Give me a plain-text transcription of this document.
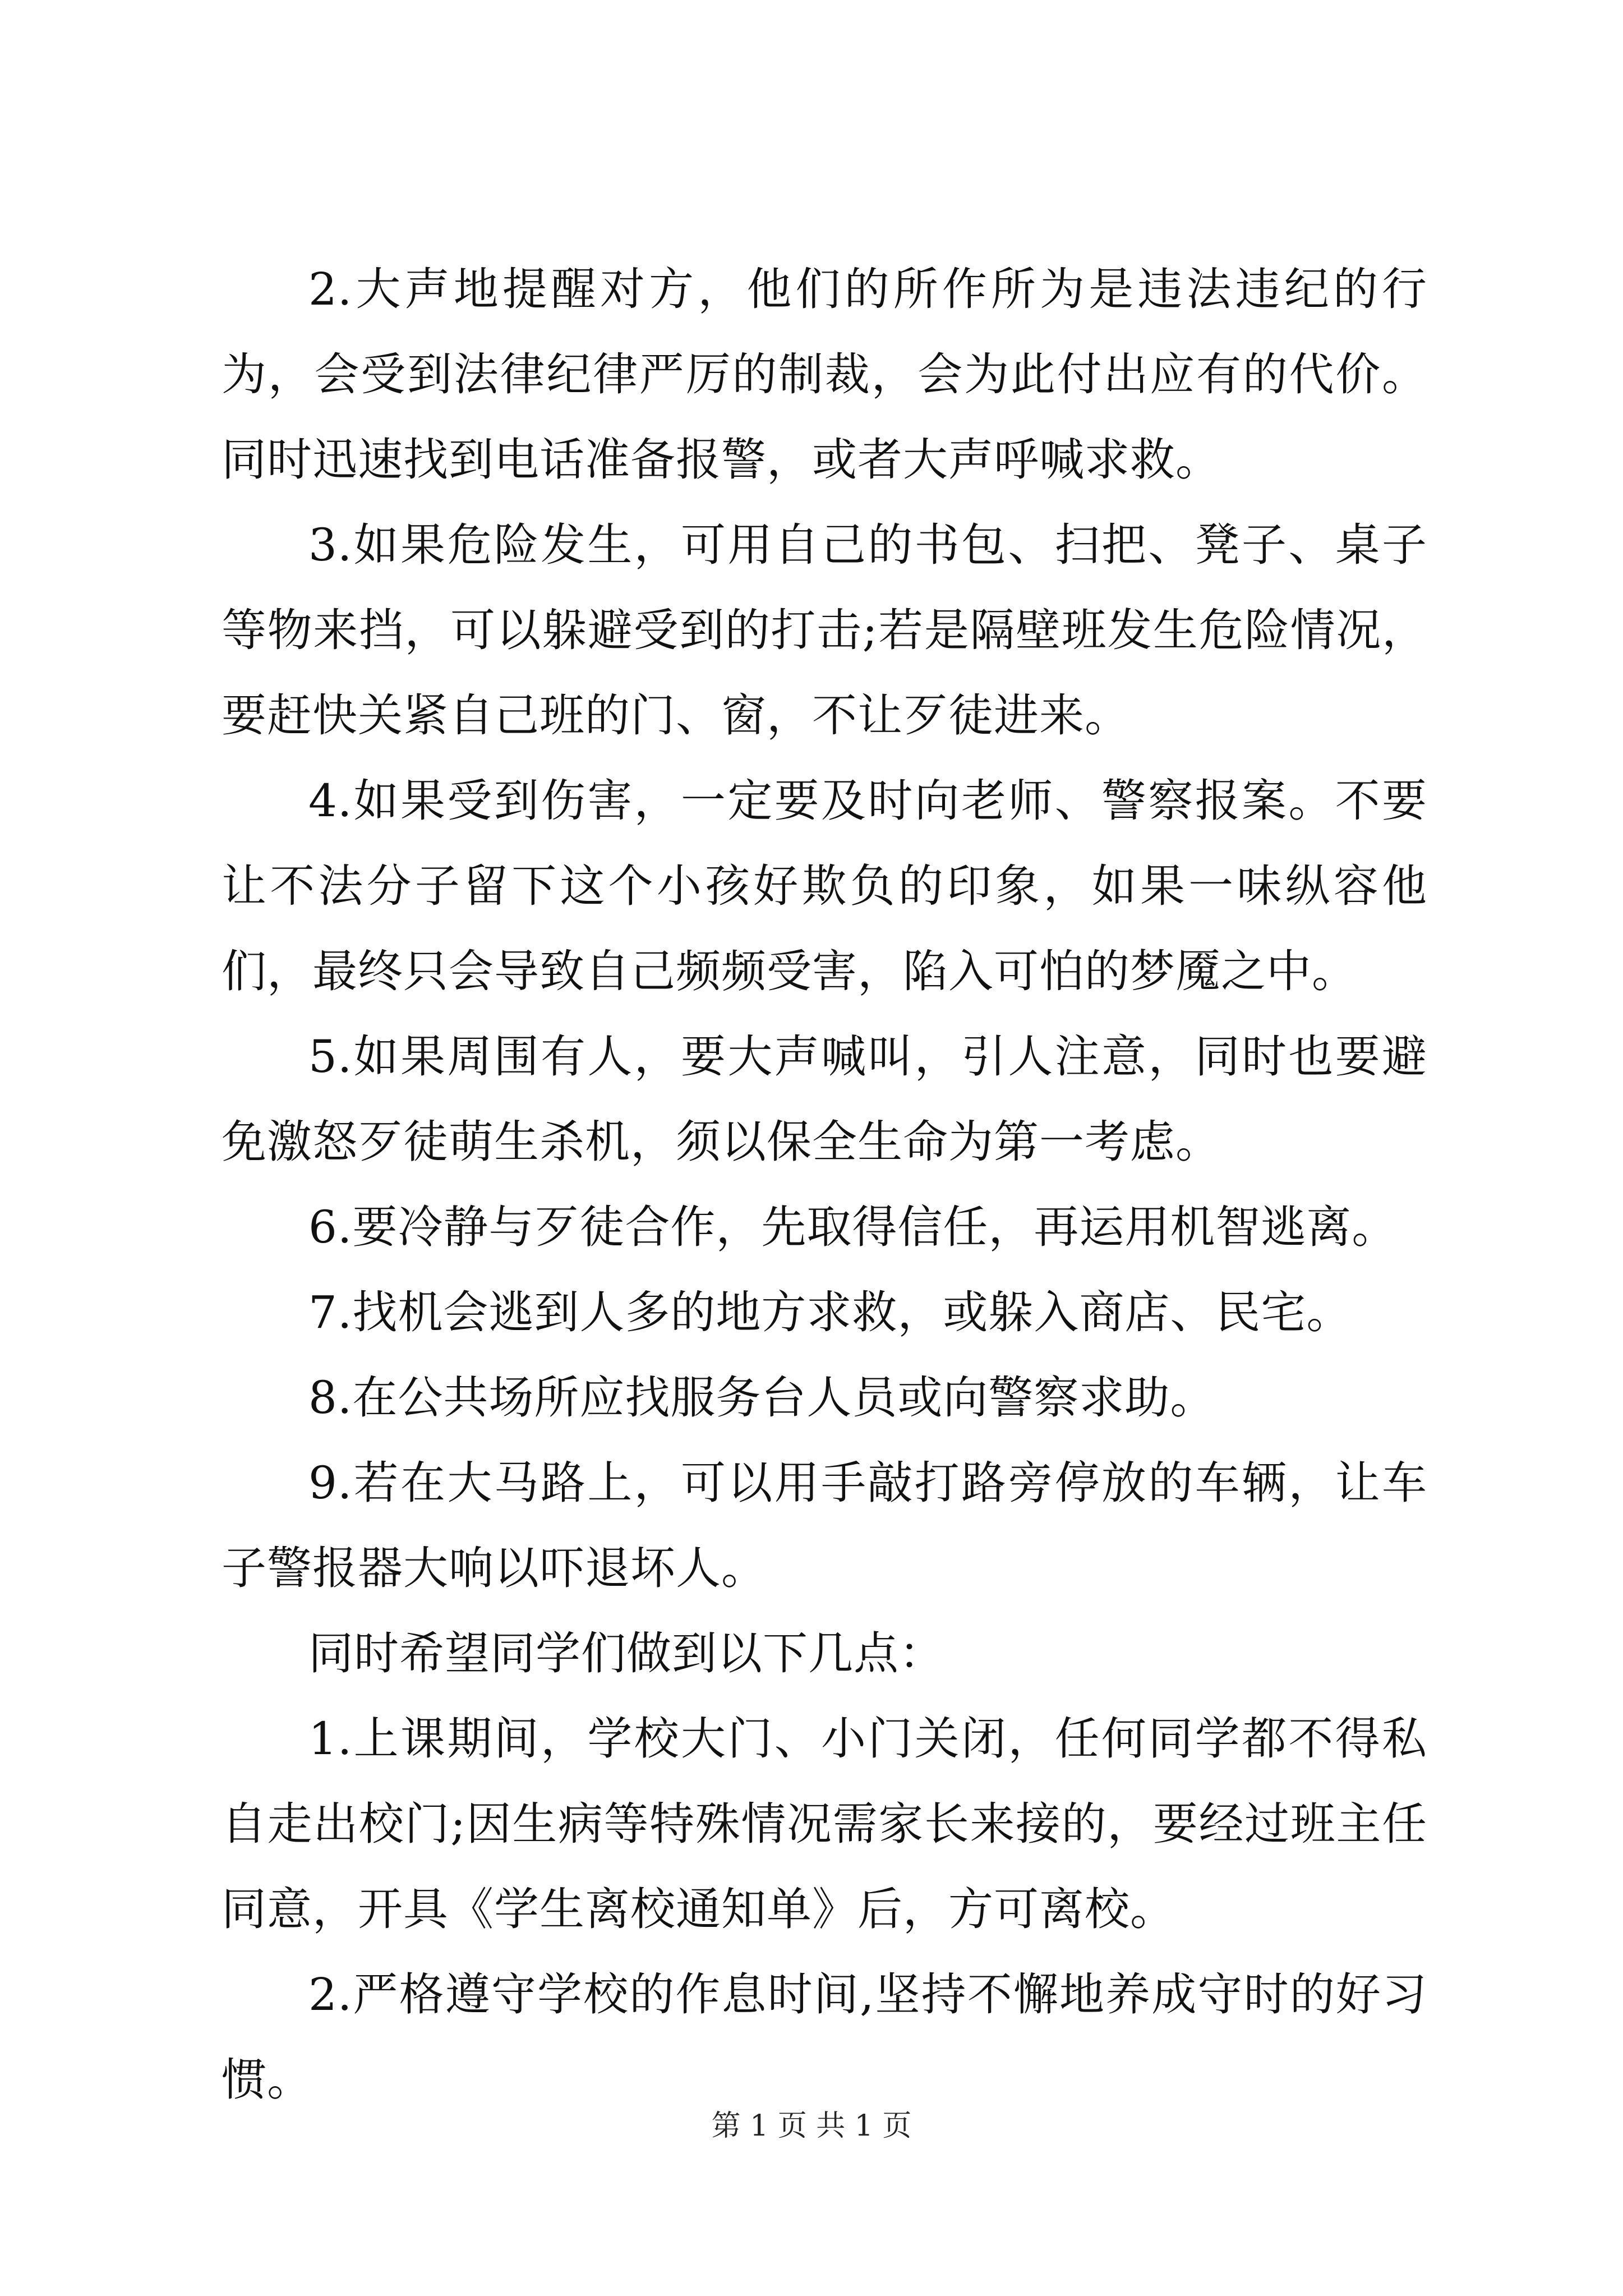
2.大声地提醒对方，他们的所作所为是违法违纪的行为，会受到法律纪律严厉的制裁，会为此付出应有的代价。同时迅速找到电话准备报警，或者大声呼喊求救。

3.如果危险发生，可用自己的书包、扫把、凳子、桌子等物来挡，可以躲避受到的打击;若是隔壁班发生危险情况，要赶快关紧自己班的门、窗，不让歹徒进来。

4.如果受到伤害，一定要及时向老师、警察报案。不要让不法分子留下这个小孩好欺负的印象，如果一味纵容他们，最终只会导致自己频频受害，陷入可怕的梦魇之中。

5.如果周围有人，要大声喊叫，引人注意，同时也要避免激怒歹徒萌生杀机，须以保全生命为第一考虑。

6.要冷静与歹徒合作，先取得信任，再运用机智逃离。

7.找机会逃到人多的地方求救，或躲入商店、民宅。

8.在公共场所应找服务台人员或向警察求助。

9.若在大马路上，可以用手敲打路旁停放的车辆，让车子警报器大响以吓退坏人。

同时希望同学们做到以下几点：

1.上课期间，学校大门、小门关闭，任何同学都不得私自走出校门;因生病等特殊情况需家长来接的，要经过班主任同意，开具《学生离校通知单》后，方可离校。

2.严格遵守学校的作息时间,坚持不懈地养成守时的好习惯。

第 1 页 共 1 页
